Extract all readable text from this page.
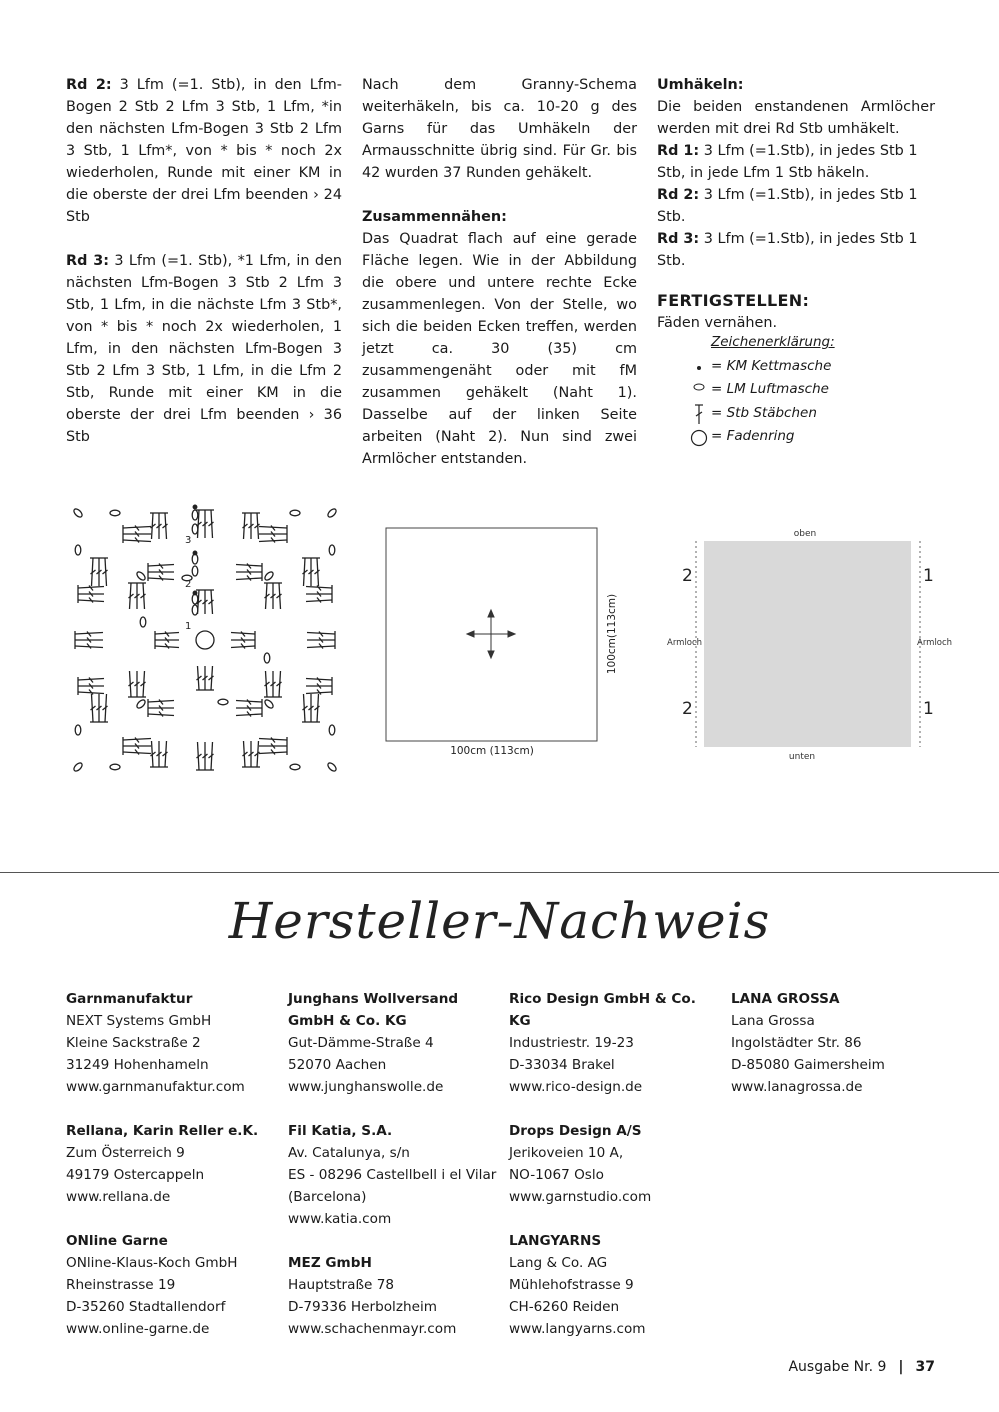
Rd 2: 3 Lfm (=1. Stb), in den Lfm-Bogen 2 Stb 2 Lfm 3 Stb, 1 Lfm, *in den nächsten Lfm-Bogen 3 Stb 2 Lfm 3 Stb, 1 Lfm*, von * bis * noch 2x wiederholen, Runde mit einer KM in die oberste der drei Lfm beenden › 24 Stb

Rd 3: 3 Lfm (=1. Stb), *1 Lfm, in den nächsten Lfm-Bogen 3 Stb 2 Lfm 3 Stb, 1 Lfm, in die nächste Lfm 3 Stb*, von * bis * noch 2x wiederholen, 1 Lfm, in den nächsten Lfm-Bogen 3 Stb 2 Lfm 3 Stb, 1 Lfm, in die Lfm 2 Stb, Runde mit einer KM in die oberste der drei Lfm beenden › 36 Stb

Nach dem Granny-Schema weiterhäkeln, bis ca. 10-20 g des Garns für das Umhäkeln der Armausschnitte übrig sind. Für Gr. bis 42 wurden 37 Runden gehäkelt.

Zusammennähen:

Das Quadrat flach auf eine gerade Fläche legen. Wie in der Abbildung die obere und untere rechte Ecke zusammenlegen. Von der Stelle, wo sich die beiden Ecken treffen, werden jetzt ca. 30 (35) cm zusammengenäht oder mit fM zusammen gehäkelt (Naht 1). Dasselbe auf der linken Seite arbeiten (Naht 2). Nun sind zwei Armlöcher entstanden.

Umhäkeln:
Die beiden enstandenen Armlöcher werden mit drei Rd Stb umhäkelt.
Rd 1: 3 Lfm (=1.Stb), in jedes Stb 1 Stb, in jede Lfm 1 Stb häkeln.
Rd 2: 3 Lfm (=1.Stb), in jedes Stb 1 Stb.
Rd 3: 3 Lfm (=1.Stb), in jedes Stb 1 Stb.
FERTIGSTELLEN:
Fäden vernähen.
Zeichenerklärung:
= KM Kettmasche
= LM Luftmasche
= Stb Stäbchen
= Fadenring
3
2
1
100cm (113cm)
100cm(113cm)
oben
2
2
1
1
Armloch	Armloch
unten
Hersteller-Nachweis
Garnmanufaktur
NEXT Systems GmbH
Kleine Sackstraße 2
31249 Hohenhameln
www.garnmanufaktur.com
Rellana, Karin Reller e.K.
Zum Österreich 9
49179 Ostercappeln
www.rellana.de
ONline Garne
ONline-Klaus-Koch GmbH
Rheinstrasse 19
D-35260 Stadtallendorf
www.online-garne.de
Junghans Wollversand GmbH & Co. KG
Gut-Dämme-Straße 4
52070 Aachen
www.junghanswolle.de
Fil Katia, S.A.
Av. Catalunya, s/n
ES - 08296 Castellbell i el Vilar
(Barcelona)
www.katia.com
MEZ GmbH
Hauptstraße 78
D-79336 Herbolzheim
www.schachenmayr.com
Rico Design GmbH & Co. KG
Industriestr. 19-23
D-33034 Brakel
www.rico-design.de
Drops Design A/S
Jerikoveien 10 A,
NO-1067 Oslo
www.garnstudio.com
LANGYARNS
Lang & Co. AG
Mühlehofstrasse 9
CH-6260 Reiden
www.langyarns.com
LANA GROSSA
Lana Grossa
Ingolstädter Str. 86
D-85080 Gaimersheim
www.lanagrossa.de
Ausgabe Nr. 9 | 37
